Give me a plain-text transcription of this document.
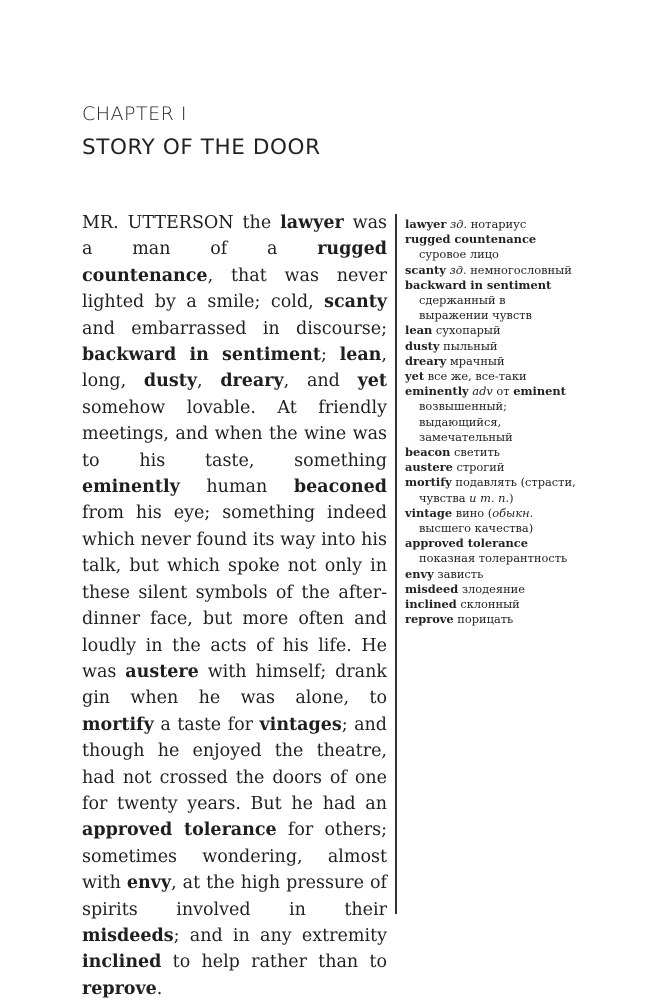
CHAPTER I
STORY OF THE DOOR

MR. UTTERSON the lawyer was a man of a rugged countenance, that was never lighted by a smile; cold, scanty and embarrassed in discourse; backward in sentiment; lean, long, dusty, dreary, and yet somehow lovable. At friendly meetings, and when the wine was to his taste, something eminently human beaconed from his eye; something indeed which never found its way into his talk, but which spoke not only in these silent symbols of the after-dinner face, but more often and loudly in the acts of his life. He was austere with himself; drank gin when he was alone, to mortify a taste for vintages; and though he enjoyed the theatre, had not crossed the doors of one for twenty years. But he had an approved tolerance for others; sometimes wondering, almost with envy, at the high pressure of spirits involved in their misdeeds; and in any extremity inclined to help rather than to reprove.

lawyer зд. нотариус
rugged countenance
суровое лицо
scanty зд. немногословный
backward in sentiment
сдержанный в
выражении чувств
lean сухопарый
dusty пыльный
dreary мрачный
yet все же, все-таки
eminently adv от eminent
возвышенный;
выдающийся,
замечательный
beacon светить
austere строгий
mortify подавлять (страсти,
чувства и т. п.)
vintage вино (обыкн.
высшего качества)
approved tolerance
показная толерантность
envy зависть
misdeed злодеяние
inclined склонный
reprove порицать
